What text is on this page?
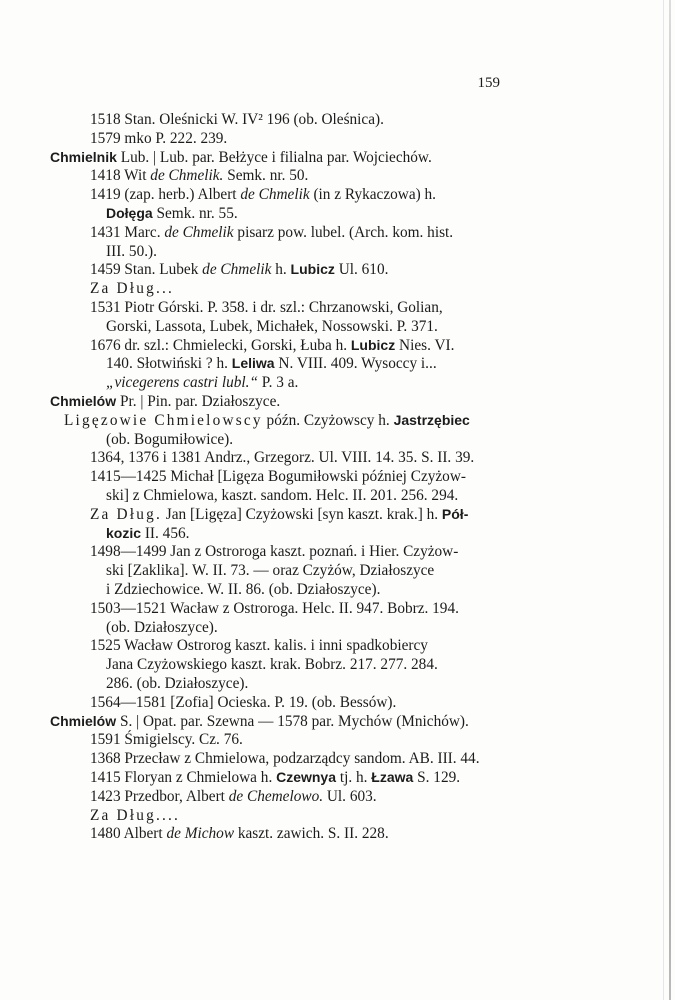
159
1518 Stan. Oleśnicki W. IV² 196 (ob. Oleśnica).
1579 mko P. 222. 239.
Chmielnik Lub. | Lub. par. Bełżyce i filialna par. Wojciechów.
1418 Wit de Chmelik. Semk. nr. 50.
1419 (zap. herb.) Albert de Chmelik (in z Rykaczowa) h.
Dołęga Semk. nr. 55.
1431 Marc. de Chmelik pisarz pow. lubel. (Arch. kom. hist.
III. 50.).
1459 Stan. Lubek de Chmelik h. Lubicz Ul. 610.
Za Dług...
1531 Piotr Górski. P. 358. i dr. szl.: Chrzanowski, Golian,
Gorski, Lassota, Lubek, Michałek, Nossowski. P. 371.
1676 dr. szl.: Chmielecki, Gorski, Łuba h. Lubicz Nies. VI.
140. Słotwiński ? h. Leliwa N. VIII. 409. Wysoccy i...
„vicegerens castri lubl.“ P. 3 a.
Chmielów Pr. | Pin. par. Działoszyce.
Ligęzowie Chmielowscy późn. Czyżowscy h. Jastrzębiec
(ob. Bogumiłowice).
1364, 1376 i 1381 Andrz., Grzegorz. Ul. VIII. 14. 35. S. II. 39.
1415—1425 Michał [Ligęza Bogumiłowski później Czyżow-
ski] z Chmielowa, kaszt. sandom. Helc. II. 201. 256. 294.
Za Dług. Jan [Ligęza] Czyżowski [syn kaszt. krak.] h. Pół-
kozic II. 456.
1498—1499 Jan z Ostroroga kaszt. poznań. i Hier. Czyżow-
ski [Zaklika]. W. II. 73. — oraz Czyżów, Działoszyce
i Zdziechowice. W. II. 86. (ob. Działoszyce).
1503—1521 Wacław z Ostroroga. Helc. II. 947. Bobrz. 194.
(ob. Działoszyce).
1525 Wacław Ostrorog kaszt. kalis. i inni spadkobiercy
Jana Czyżowskiego kaszt. krak. Bobrz. 217. 277. 284.
286. (ob. Działoszyce).
1564—1581 [Zofia] Ocieska. P. 19. (ob. Bessów).
Chmielów S. | Opat. par. Szewna — 1578 par. Mychów (Mnichów).
1591 Śmigielscy. Cz. 76.
1368 Przecław z Chmielowa, podzarządcy sandom. AB. III. 44.
1415 Floryan z Chmielowa h. Czewnya tj. h. Łzawa S. 129.
1423 Przedbor, Albert de Chemelowo. Ul. 603.
Za Dług....
1480 Albert de Michow kaszt. zawich. S. II. 228.
